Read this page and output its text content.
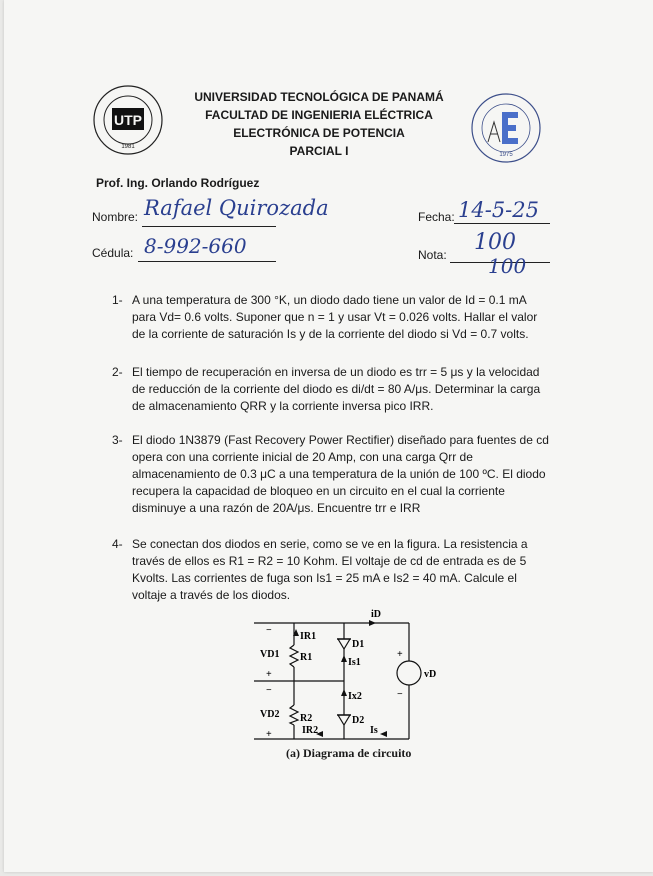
UTP
1981
1975
UNIVERSIDAD TECNOLÓGICA DE PANAMÁ
FACULTAD DE INGENIERIA ELÉCTRICA
ELECTRÓNICA DE POTENCIA
PARCIAL I
Prof. Ing. Orlando Rodríguez
Nombre: Rafael Quirozada
Cédula: 8-992-660
Fecha: 14-5-25
Nota: 100
100
1- A una temperatura de 300 °K, un diodo dado tiene un valor de Id = 0.1 mA para Vd= 0.6 volts. Suponer que n = 1 y usar Vt = 0.026 volts. Hallar el valor de la corriente de saturación Is y de la corriente del diodo si Vd = 0.7 volts.
2- El tiempo de recuperación en inversa de un diodo es trr = 5 μs y la velocidad de reducción de la corriente del diodo es di/dt = 80 A/μs. Determinar la carga de almacenamiento QRR y la corriente inversa pico IRR.
3- El diodo 1N3879 (Fast Recovery Power Rectifier) diseñado para fuentes de cd opera con una corriente inicial de 20 Amp, con una carga Qrr de almacenamiento de 0.3 μC a una temperatura de la unión de 100 ºC. El diodo recupera la capacidad de bloqueo en un circuito en el cual la corriente disminuye a una razón de 20A/μs. Encuentre trr e IRR
4- Se conectan dos diodos en serie, como se ve en la figura. La resistencia a través de ellos es R1 = R2 = 10 Kohm. El voltaje de cd de entrada es de 5 Kvolts. Las corrientes de fuga son Is1 = 25 mA e Is2 = 40 mA. Calcule el voltaje a través de los diodos.
iD
IR1
R1
D1
Is1
VD1
VD2
Ix2
R2	D2
IR2	Is
vD
−
+
−
+
+
−
(a) Diagrama de circuito
